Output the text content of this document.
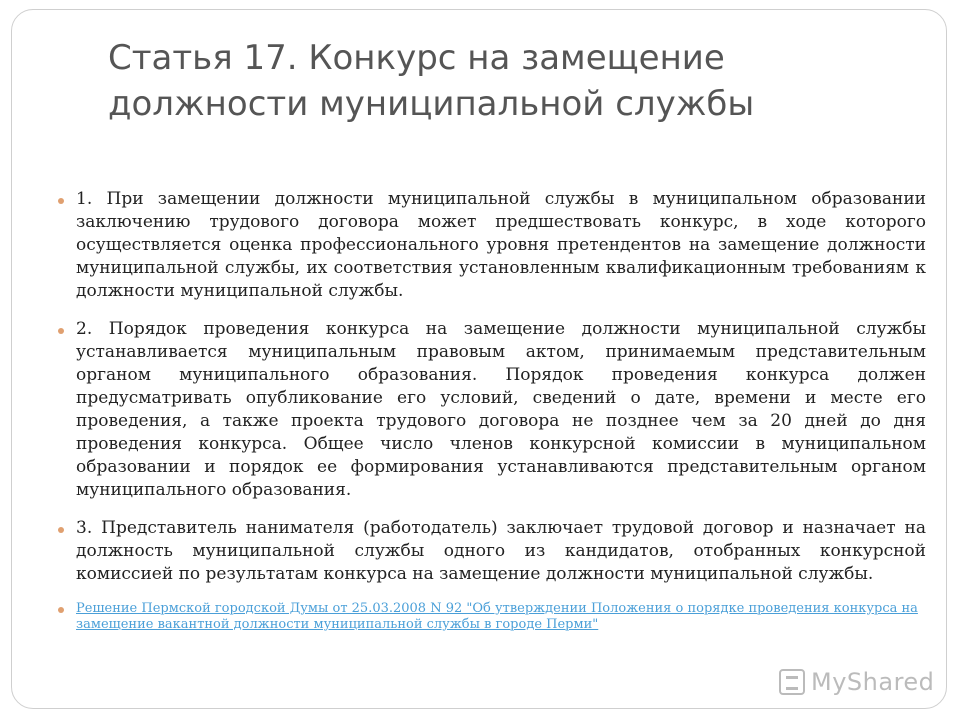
Статья 17. Конкурс на замещение должности муниципальной службы
1. При замещении должности муниципальной службы в муниципальном образовании заключению трудового договора может предшествовать конкурс, в ходе которого осуществляется оценка профессионального уровня претендентов на замещение должности муниципальной службы, их соответствия установленным квалификационным требованиям к должности муниципальной службы.
2. Порядок проведения конкурса на замещение должности муниципальной службы устанавливается муниципальным правовым актом, принимаемым представительным органом муниципального образования. Порядок проведения конкурса должен предусматривать опубликование его условий, сведений о дате, времени и месте его проведения, а также проекта трудового договора не позднее чем за 20 дней до дня проведения конкурса. Общее число членов конкурсной комиссии в муниципальном образовании и порядок ее формирования устанавливаются представительным органом муниципального образования.
3. Представитель нанимателя (работодатель) заключает трудовой договор и назначает на должность муниципальной службы одного из кандидатов, отобранных конкурсной комиссией по результатам конкурса на замещение должности муниципальной службы.
Решение Пермской городской Думы от 25.03.2008 N 92 "Об утверждении Положения о порядке проведения конкурса на замещение вакантной должности муниципальной службы в городе Перми"
MyShared
